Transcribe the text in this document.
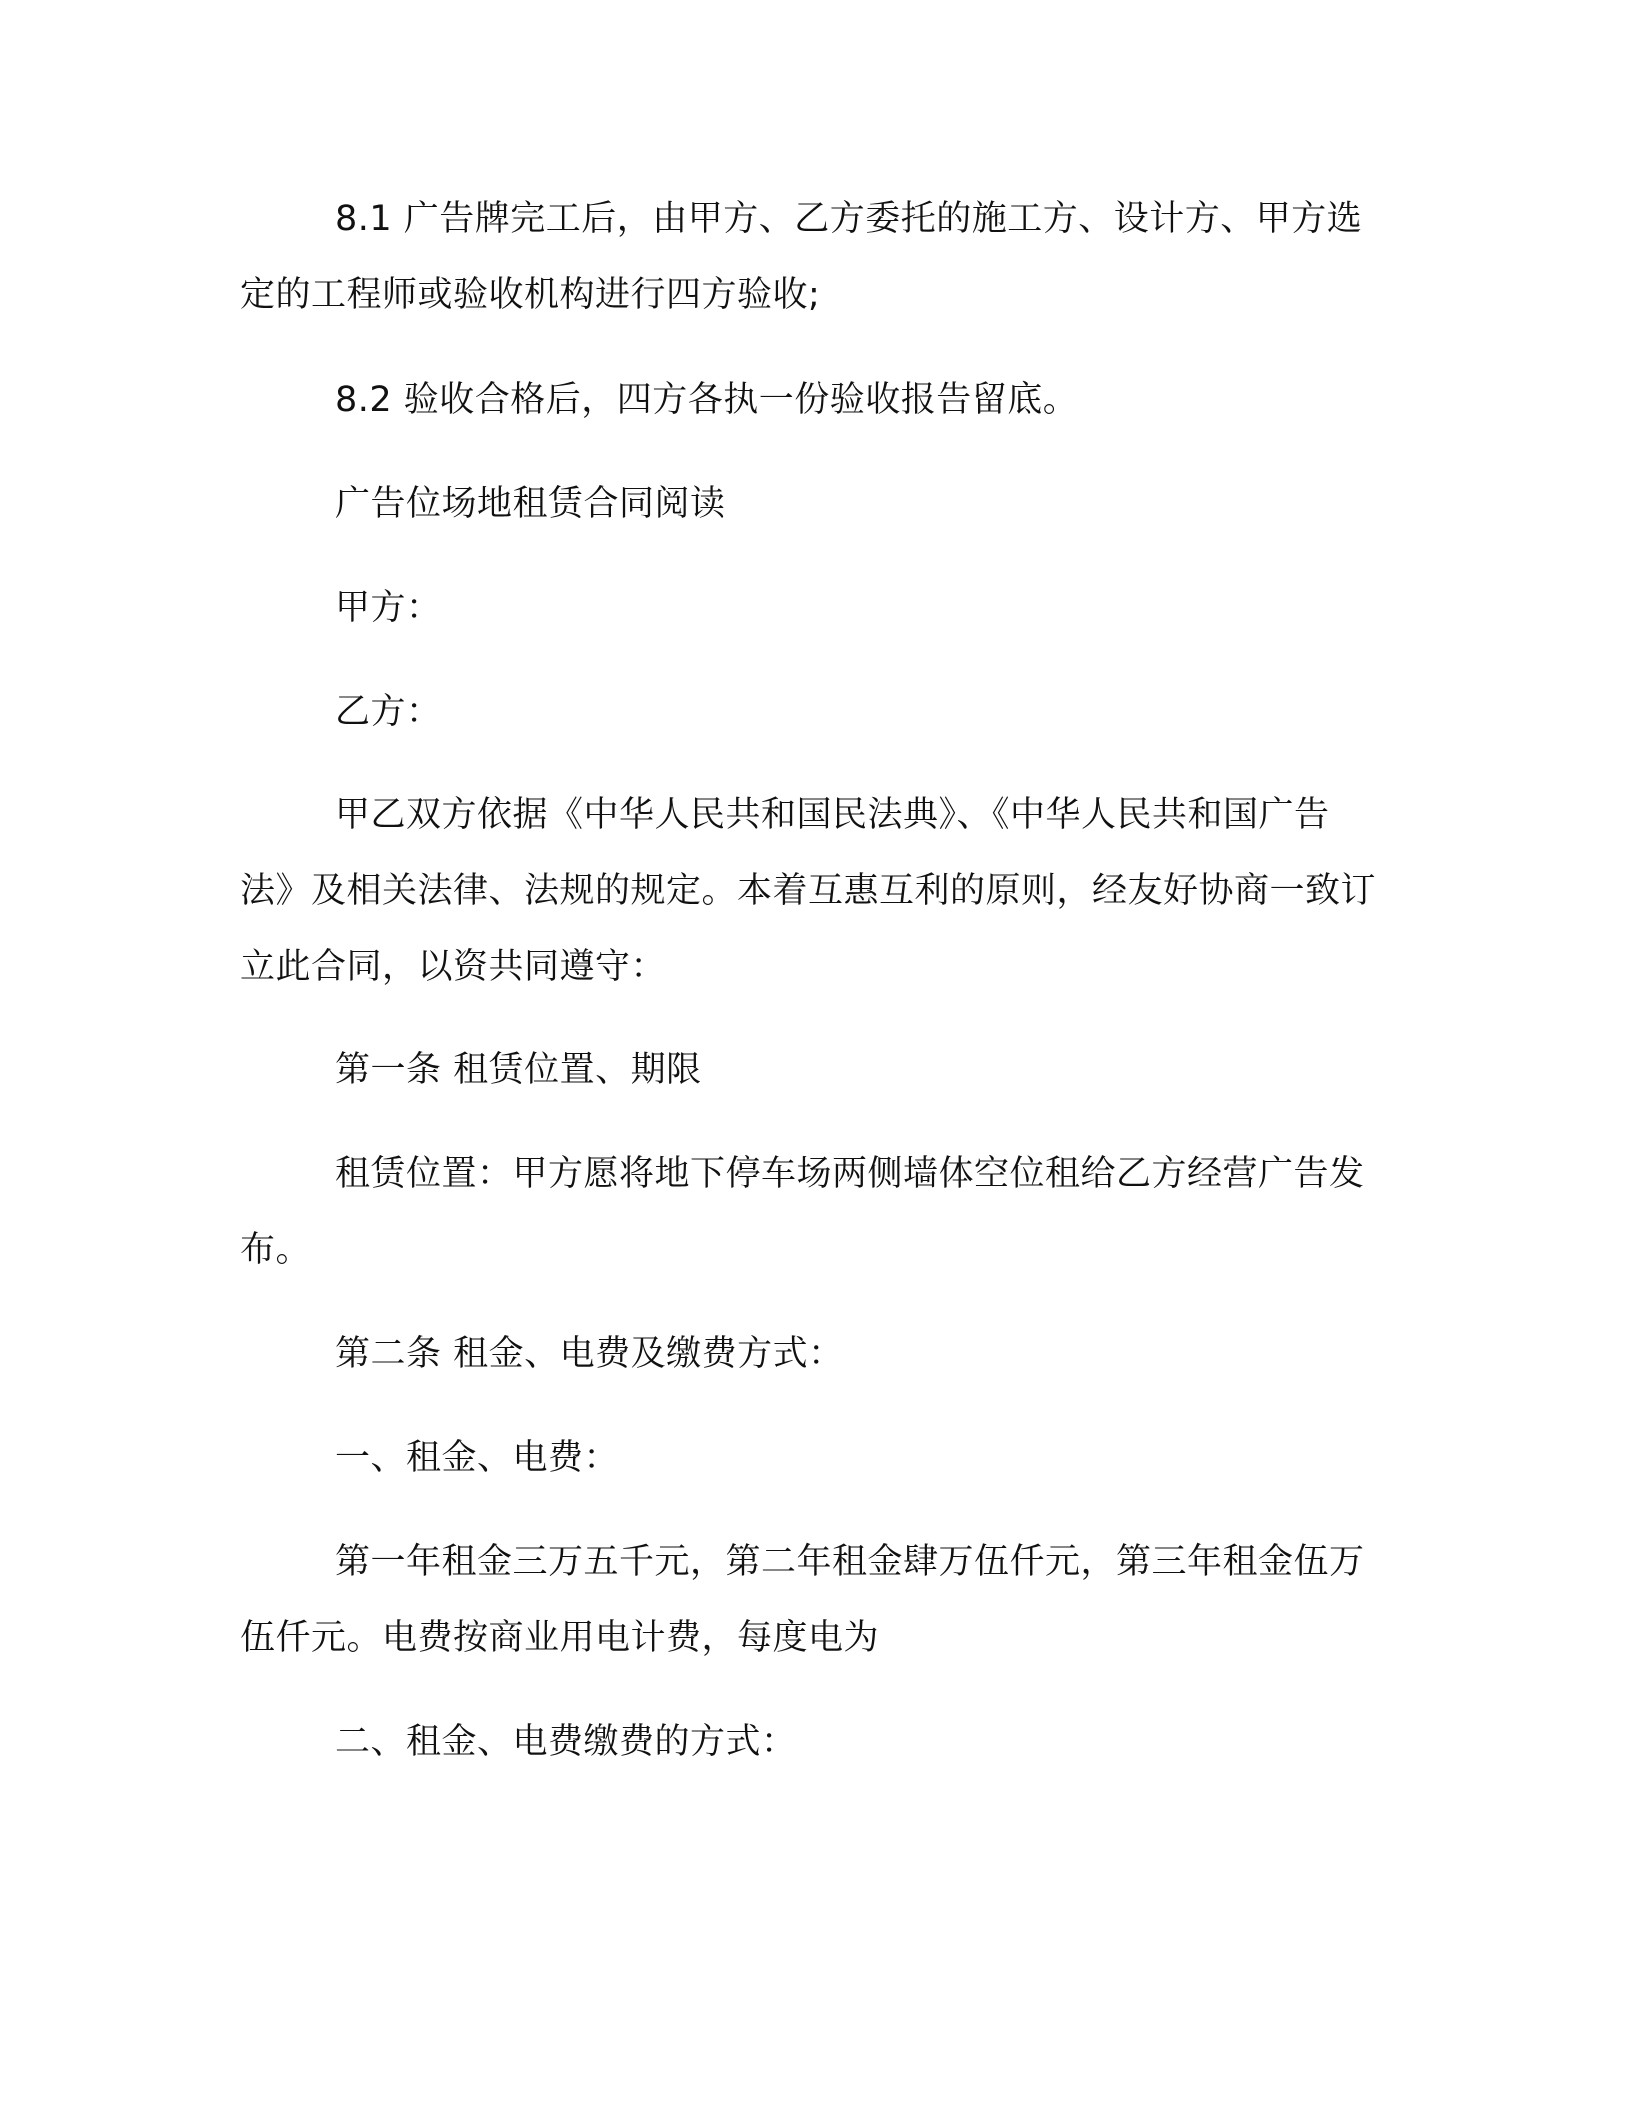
8.1 广告牌完工后，由甲方、乙方委托的施工方、设计方、甲方选定的工程师或验收机构进行四方验收;

8.2 验收合格后，四方各执一份验收报告留底。

广告位场地租赁合同阅读

甲方：

乙方：

甲乙双方依据《中华人民共和国民法典》、《中华人民共和国广告法》及相关法律、法规的规定。本着互惠互利的原则，经友好协商一致订立此合同，以资共同遵守：

第一条 租赁位置、期限

租赁位置：甲方愿将地下停车场两侧墙体空位租给乙方经营广告发布。

第二条 租金、电费及缴费方式：

一、租金、电费：

第一年租金三万五千元，第二年租金肆万伍仟元，第三年租金伍万伍仟元。电费按商业用电计费，每度电为

二、租金、电费缴费的方式：
